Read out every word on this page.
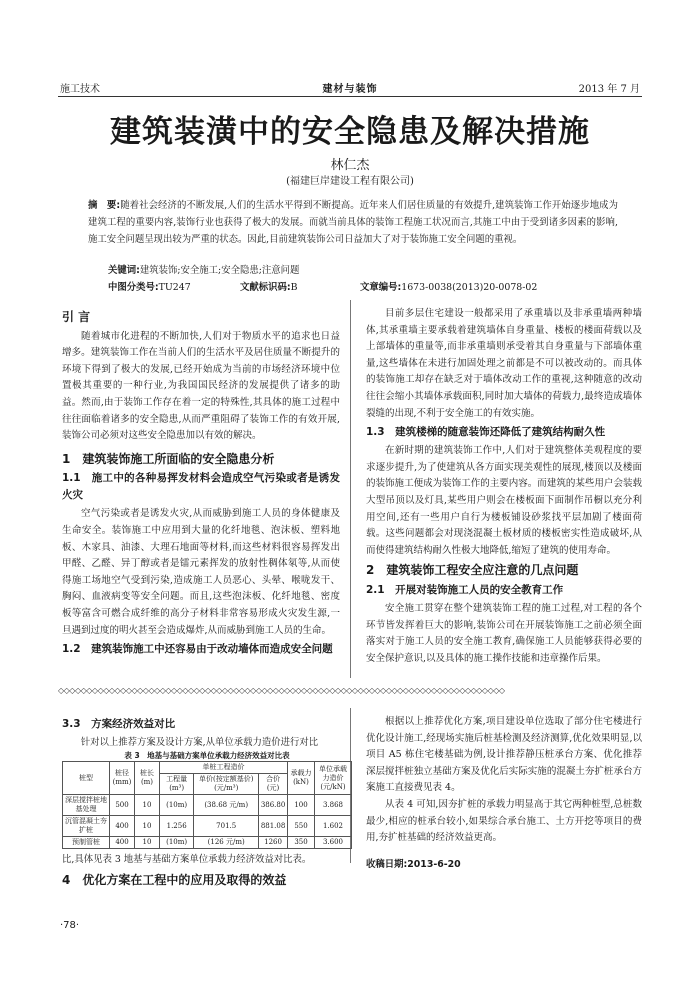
施工技术	建材与装饰	2013 年 7 月
建筑装潢中的安全隐患及解决措施
林仁杰
(福建巨岸建设工程有限公司)
摘　要:随着社会经济的不断发展,人们的生活水平得到不断提高。近年来人们居住质量的有效提升,建筑装饰工作开始逐步地成为建筑工程的重要内容,装饰行业也获得了极大的发展。而就当前具体的装饰工程施工状况而言,其施工中由于受到诸多因素的影响,施工安全问题呈现出较为严重的状态。因此,目前建筑装饰公司日益加大了对于装饰施工安全问题的重视。
关键词:建筑装饰;安全施工;安全隐患;注意问题
中图分类号:TU247	文献标识码:B	文章编号:1673-0038(2013)20-0078-02
引 言

随着城市化进程的不断加快,人们对于物质水平的追求也日益增多。建筑装饰工作在当前人们的生活水平及居住质量不断提升的环境下得到了极大的发展,已经开始成为当前的市场经济环境中位置极其重要的一种行业,为我国国民经济的发展提供了诸多的助益。然而,由于装饰工作存在着一定的特殊性,其具体的施工过程中往往面临着诸多的安全隐患,从而严重阻碍了装饰工作的有效开展,装饰公司必须对这些安全隐患加以有效的解决。

1　建筑装饰施工所面临的安全隐患分析
1.1　施工中的各种易挥发材料会造成空气污染或者是诱发火灾

空气污染或者是诱发火灾,从而威胁到施工人员的身体健康及生命安全。装饰施工中应用到大量的化纤地毯、泡沫板、塑料地板、木家具、油漆、大理石地面等材料,而这些材料很容易挥发出甲醛、乙醛、异丁醇或者是镭元素挥发的放射性稠体氡等,从而使得施工场地空气受到污染,造成施工人员恶心、头晕、喉咙发干、胸闷、血液病变等安全问题。而且,这些泡沫板、化纤地毯、密度板等富含可燃合成纤维的高分子材料非常容易形成火灾发生源,一旦遇到过度的明火甚至会造成爆炸,从而威胁到施工人员的生命。

1.2　建筑装饰施工中还容易由于改动墙体而造成安全问题

目前多层住宅建设一般都采用了承重墙以及非承重墙两种墙体,其承重墙主要承载着建筑墙体自身重量、楼板的楼面荷载以及上部墙体的重量等,而非承重墙则承受着其自身重量与下部墙体重量,这些墙体在未进行加固处理之前都是不可以被改动的。而具体的装饰施工却存在缺乏对于墙体改动工作的重视,这种随意的改动往往会缩小其墙体承载面积,同时加大墙体的荷载力,最终造成墙体裂缝的出现,不利于安全施工的有效实施。

1.3　建筑楼梯的随意装饰还降低了建筑结构耐久性

在新时期的建筑装饰工作中,人们对于建筑整体美观程度的要求逐步提升,为了使建筑从各方面实现美观性的展现,楼顶以及楼面的装饰施工便成为装饰工作的主要内容。而建筑的某些用户会装载大型吊顶以及灯具,某些用户则会在楼板面下面制作吊橱以充分利用空间,还有一些用户自行为楼板铺设砂浆找平层加剧了楼面荷载。这些问题都会对现浇混凝土板材质的楼板密实性造成破坏,从而使得建筑结构耐久性极大地降低,缩短了建筑的使用寿命。

2　建筑装饰工程安全应注意的几点问题
2.1　开展对装饰施工人员的安全教育工作

安全施工贯穿在整个建筑装饰工程的施工过程,对工程的各个环节皆发挥着巨大的影响,装饰公司在开展装饰施工之前必须全面落实对于施工人员的安全施工教育,确保施工人员能够获得必要的安全保护意识,以及具体的施工操作技能和违章操作后果。

◇◇◇◇◇◇◇◇◇◇◇◇◇◇◇◇◇◇◇◇◇◇◇◇◇◇◇◇◇◇◇◇◇◇◇◇◇◇◇◇◇◇◇◇◇◇◇◇◇◇◇◇◇◇◇◇◇◇◇◇◇◇◇◇◇◇◇◇◇◇◇◇◇◇◇◇◇◇◇
3.3　方案经济效益对比

针对以上推荐方案及设计方案,从单位承载力造价进行对比

表 3　地基与基础方案单位承载力经济效益对比表
桩型	桩径(mm)	桩长(m)	单桩工程造价			承载力(kN)	单位承载力造价(元/kN)
			工程量(m³)	单价(按定额基价)(元/m³)	合价(元)		
深层搅拌桩地基处理	500	10	(10m)	(38.68 元/m)	386.80	100	3.868
沉管混凝土夯扩桩	400	10	1.256	701.5	881.08	550	1.602
预制管桩	400	10	(10m)	(126 元/m)	1260	350	3.600
比,具体见表 3 地基与基础方案单位承载力经济效益对比表。
4　优化方案在工程中的应用及取得的效益

根据以上推荐优化方案,项目建设单位选取了部分住宅楼进行优化设计施工,经现场实施后桩基检测及经济测算,优化效果明显,以项目 A5 栋住宅楼基础为例,设计推荐静压桩承台方案、优化推荐深层搅拌桩独立基础方案及优化后实际实施的混凝土夯扩桩承台方案施工直接费见表 4。

从表 4 可知,因夯扩桩的承载力明显高于其它两种桩型,总桩数最少,相应的桩承台较小,如果综合承台施工、土方开挖等项目的费用,夯扩桩基础的经济效益更高。

收稿日期:2013-6-20
·78·
